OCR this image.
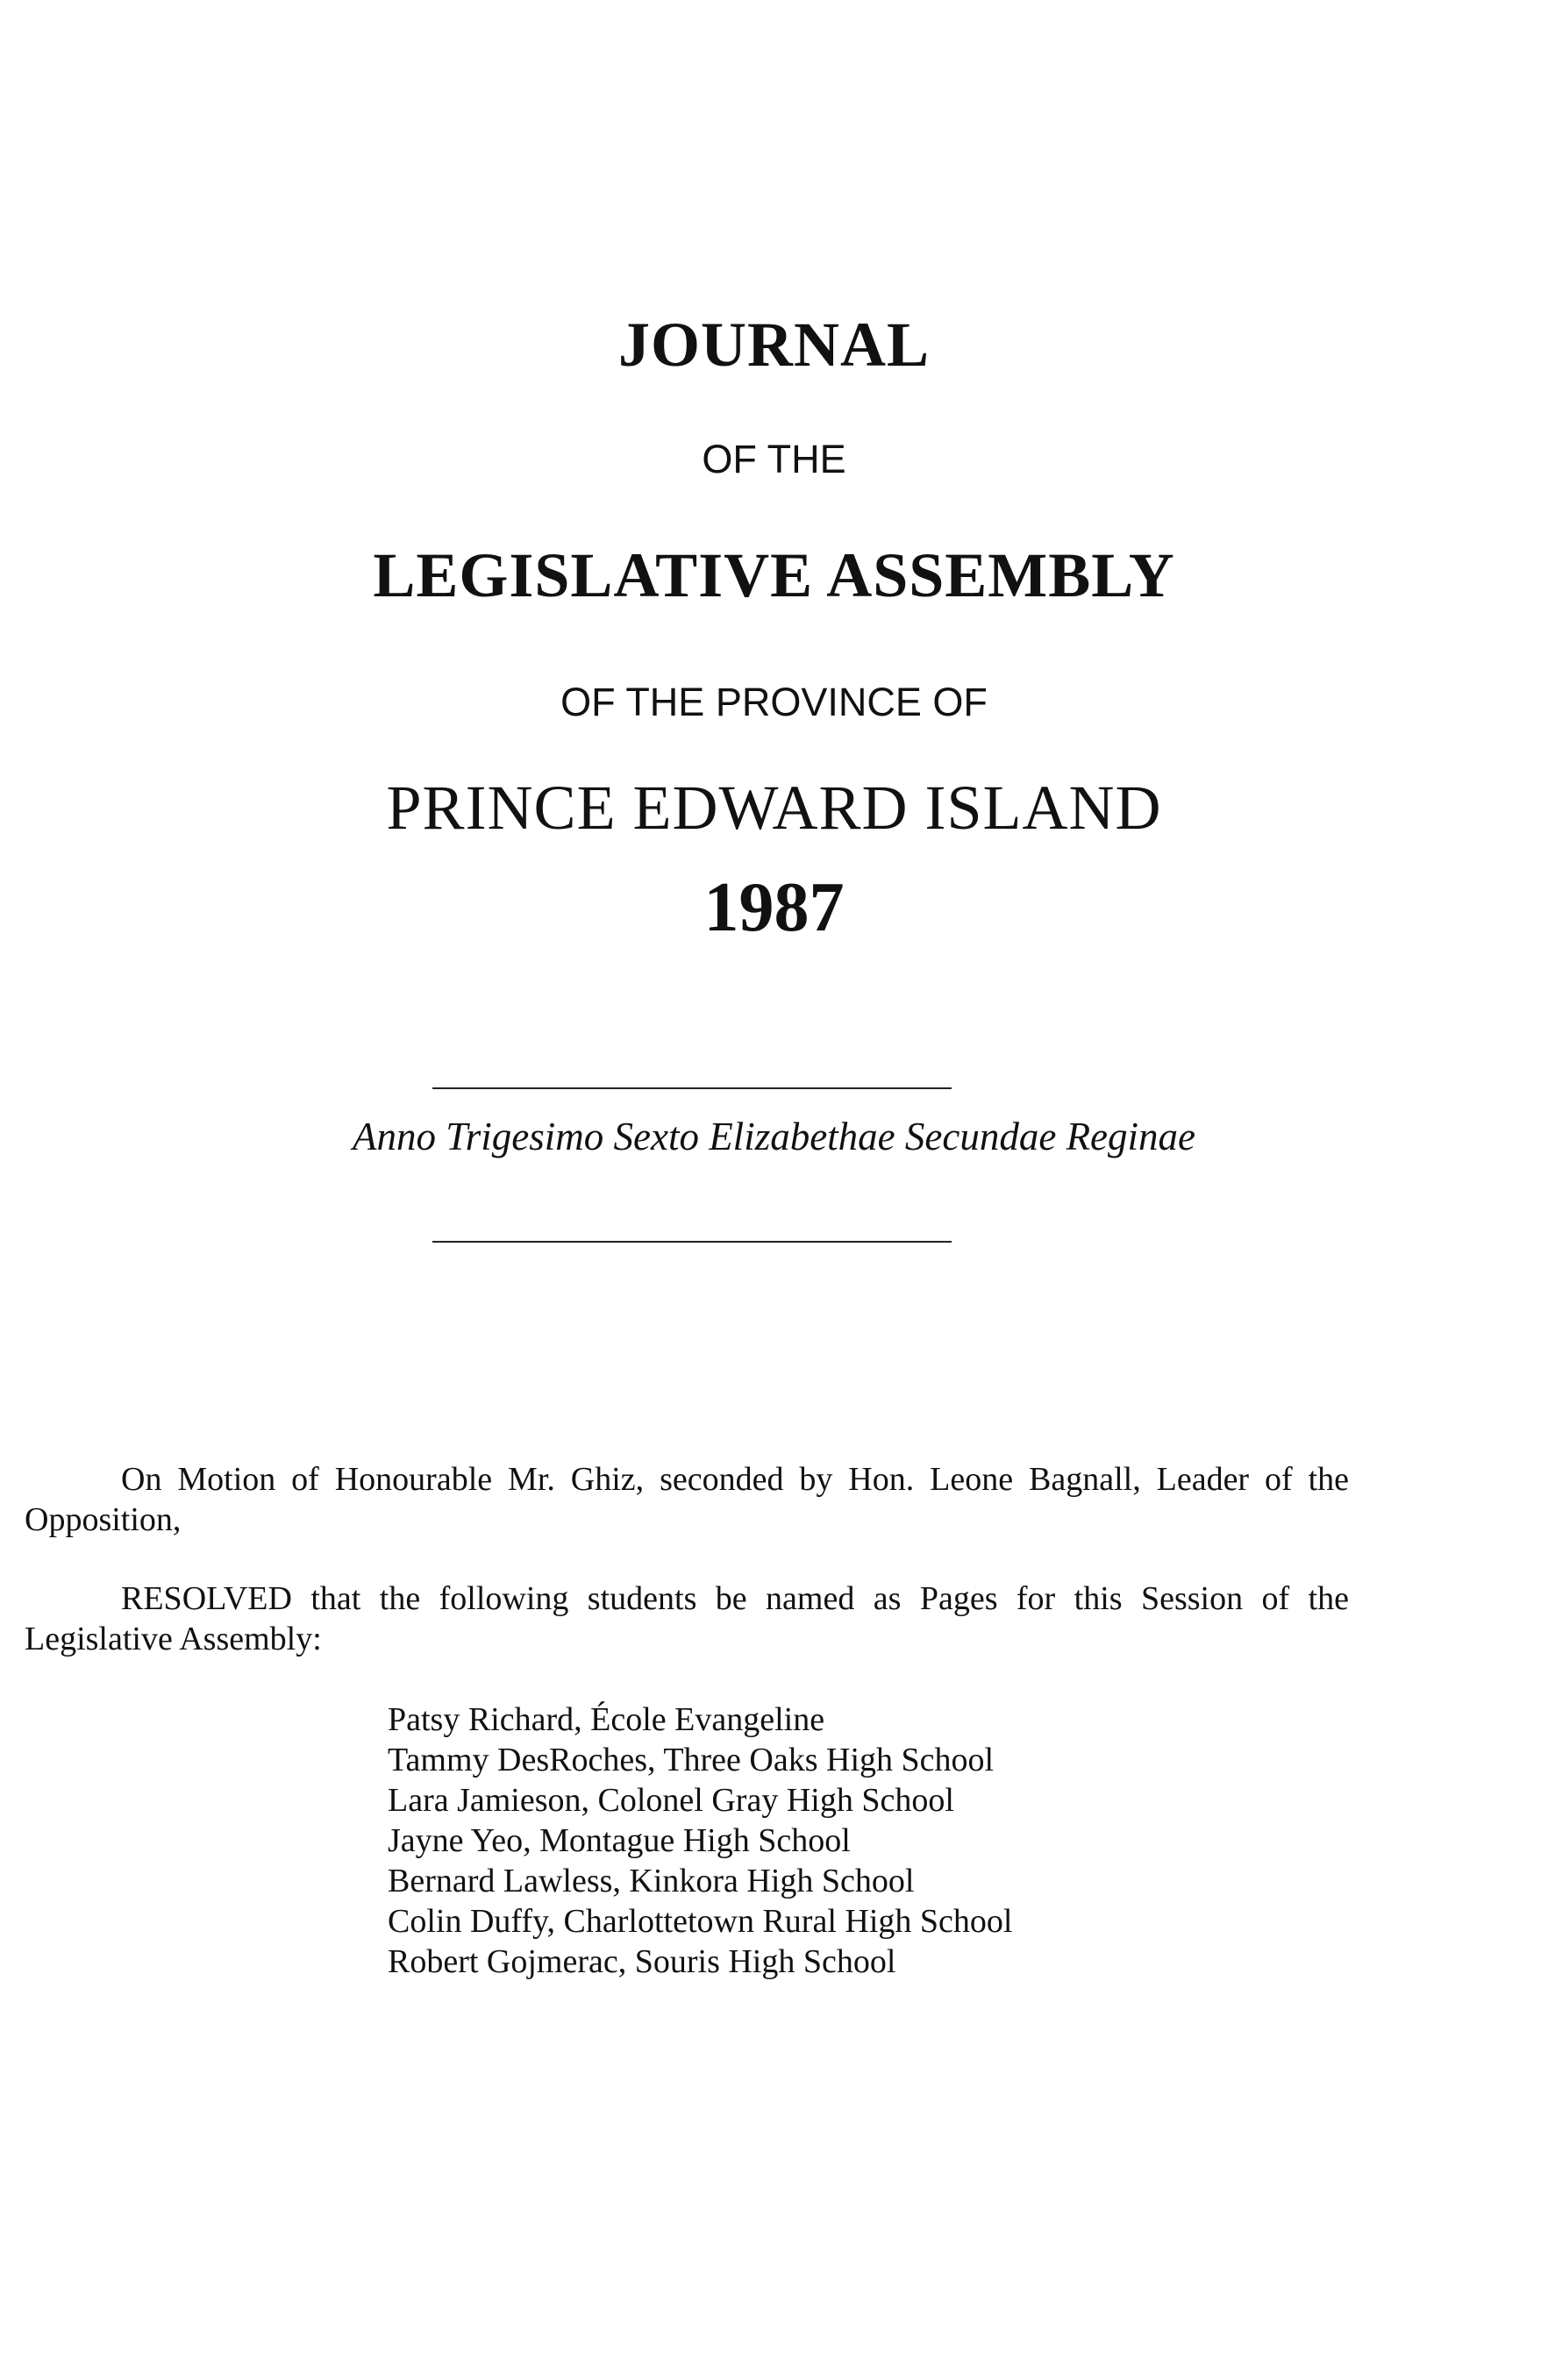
JOURNAL
OF THE
LEGISLATIVE ASSEMBLY
OF THE PROVINCE OF
PRINCE EDWARD ISLAND
1987
Anno Trigesimo Sexto Elizabethae Secundae Reginae

On Motion of Honourable Mr. Ghiz, seconded by Hon. Leone Bagnall, Leader of the Opposition,

RESOLVED that the following students be named as Pages for this Session of the Legislative Assembly:

Patsy Richard, École Evangeline
Tammy DesRoches, Three Oaks High School
Lara Jamieson, Colonel Gray High School
Jayne Yeo, Montague High School
Bernard Lawless, Kinkora High School
Colin Duffy, Charlottetown Rural High School
Robert Gojmerac, Souris High School
